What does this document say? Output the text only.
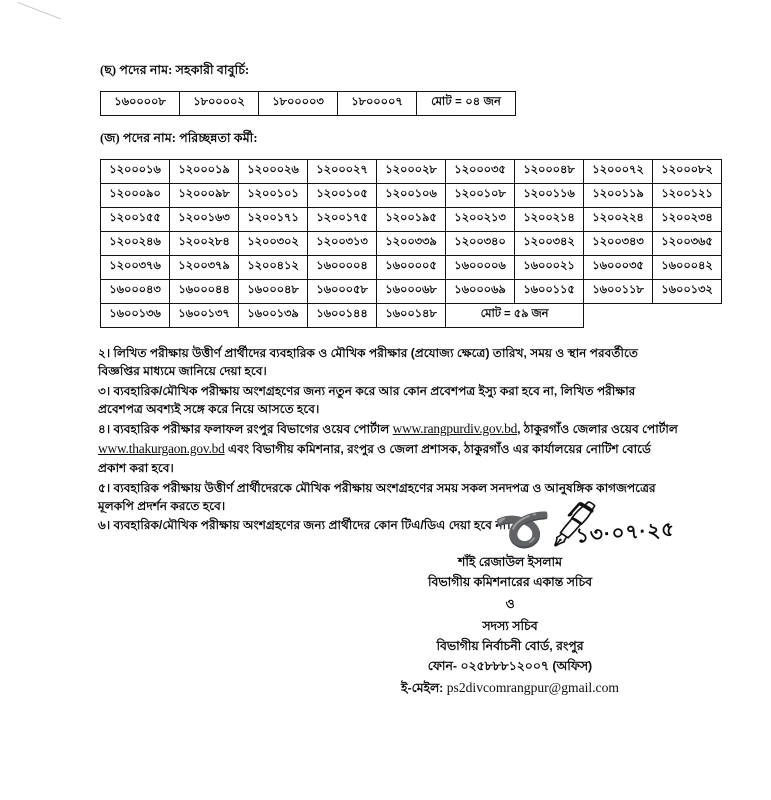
(ছ) পদের নাম: সহকারী বাবুর্চি:
১৬০০০০৮	১৮০০০০২	১৮০০০০৩	১৮০০০০৭	মোট = ০৪ জন
(জ) পদের নাম: পরিচ্ছন্নতা কর্মী:
১২০০০১৬	১২০০০১৯	১২০০০২৬	১২০০০২৭	১২০০০২৮	১২০০০৩৫	১২০০০৪৮	১২০০০৭২	১২০০০৮২
১২০০০৯০	১২০০০৯৮	১২০০১০১	১২০০১০৫	১২০০১০৬	১২০০১০৮	১২০০১১৬	১২০০১১৯	১২০০১২১
১২০০১৫৫	১২০০১৬৩	১২০০১৭১	১২০০১৭৫	১২০০১৯৫	১২০০২১৩	১২০০২১৪	১২০০২২৪	১২০০২৩৪
১২০০২৪৬	১২০০২৮৪	১২০০৩০২	১২০০৩১৩	১২০০৩৩৯	১২০০৩৪০	১২০০৩৪২	১২০০৩৪৩	১২০০৩৬৫
১২০০৩৭৬	১২০০৩৭৯	১২০০৪১২	১৬০০০০৪	১৬০০০০৫	১৬০০০০৬	১৬০০০২১	১৬০০০৩৫	১৬০০০৪২
১৬০০০৪৩	১৬০০০৪৪	১৬০০০৪৮	১৬০০০৫৮	১৬০০০৬৮	১৬০০০৬৯	১৬০০১১৫	১৬০০১১৮	১৬০০১৩২
১৬০০১৩৬	১৬০০১৩৭	১৬০০১৩৯	১৬০০১৪৪	১৬০০১৪৮	মোট = ৫৯ জন			

২। লিখিত পরীক্ষায় উত্তীর্ণ প্রার্থীদের ব্যবহারিক ও মৌখিক পরীক্ষার (প্রযোজ্য ক্ষেত্রে) তারিখ, সময় ও স্থান পরবর্তীতে বিজ্ঞপ্তির মাধ্যমে জানিয়ে দেয়া হবে।

৩। ব্যবহারিক/মৌখিক পরীক্ষায় অংশগ্রহণের জন্য নতুন করে আর কোন প্রবেশপত্র ইস্যু করা হবে না, লিখিত পরীক্ষার প্রবেশপত্র অবশ্যই সঙ্গে করে নিয়ে আসতে হবে।

৪। ব্যবহারিক পরীক্ষার ফলাফল রংপুর বিভাগের ওয়েব পোর্টাল www.rangpurdiv.gov.bd, ঠাকুরগাঁও জেলার ওয়েব পোর্টাল www.thakurgaon.gov.bd এবং বিভাগীয় কমিশনার, রংপুর ও জেলা প্রশাসক, ঠাকুরগাঁও এর কার্যালয়ের নোটিশ বোর্ডে প্রকাশ করা হবে।

৫। ব্যবহারিক পরীক্ষায় উত্তীর্ণ প্রার্থীদেরকে মৌখিক পরীক্ষায় অংশগ্রহণের সময় সকল সনদপত্র ও আনুষঙ্গিক কাগজপত্রের মূলকপি প্রদর্শন করতে হবে।

৬। ব্যবহারিক/মৌখিক পরীক্ষায় অংশগ্রহণের জন্য প্রার্থীদের কোন টিএ/ডিএ দেয়া হবে না।

➰🖋
১৩·০৭·২৫
শাঁই রেজাউল ইসলাম
বিভাগীয় কমিশনারের একান্ত সচিব
ও
সদস্য সচিব
বিভাগীয় নির্বাচনী বোর্ড, রংপুর
ফোন- ০২৫৮৮৮১২০০৭ (অফিস)
ই-মেইল: ps2divcomrangpur@gmail.com
